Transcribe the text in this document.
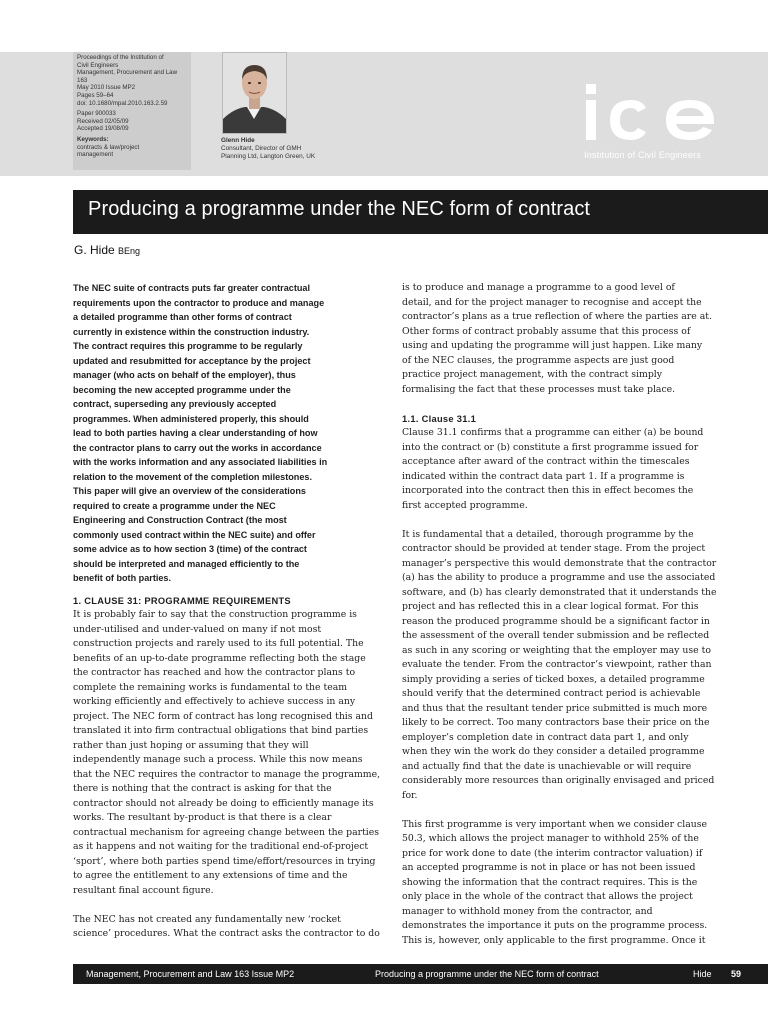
Proceedings of the Institution of
Civil Engineers
Management, Procurement and Law
163
May 2010 Issue MP2
Pages 59–64
doi: 10.1680/mpal.2010.163.2.59
Paper 900033
Received 02/05/09
Accepted 19/08/09
Keywords:
contracts & law/project
management
Glenn Hide
Consultant, Director of GMH
Planning Ltd, Langton Green, UK	Institution of Civil Engineers
Producing a programme under the NEC form of contract
G. Hide BEng

The NEC suite of contracts puts far greater contractual
requirements upon the contractor to produce and manage
a detailed programme than other forms of contract
currently in existence within the construction industry.
The contract requires this programme to be regularly
updated and resubmitted for acceptance by the project
manager (who acts on behalf of the employer), thus
becoming the new accepted programme under the
contract, superseding any previously accepted
programmes. When administered properly, this should
lead to both parties having a clear understanding of how
the contractor plans to carry out the works in accordance
with the works information and any associated liabilities in
relation to the movement of the completion milestones.
This paper will give an overview of the considerations
required to create a programme under the NEC
Engineering and Construction Contract (the most
commonly used contract within the NEC suite) and offer
some advice as to how section 3 (time) of the contract
should be interpreted and managed efficiently to the
benefit of both parties.

1. CLAUSE 31: PROGRAMME REQUIREMENTS
It is probably fair to say that the construction programme is
under-utilised and under-valued on many if not most
construction projects and rarely used to its full potential. The
benefits of an up-to-date programme reflecting both the stage
the contractor has reached and how the contractor plans to
complete the remaining works is fundamental to the team
working efficiently and effectively to achieve success in any
project. The NEC form of contract has long recognised this and
translated it into firm contractual obligations that bind parties
rather than just hoping or assuming that they will
independently manage such a process. While this now means
that the NEC requires the contractor to manage the programme,
there is nothing that the contract is asking for that the
contractor should not already be doing to efficiently manage its
works. The resultant by-product is that there is a clear
contractual mechanism for agreeing change between the parties
as it happens and not waiting for the traditional end-of-project
‘sport’, where both parties spend time/effort/resources in trying
to agree the entitlement to any extensions of time and the
resultant final account figure.

The NEC has not created any fundamentally new ‘rocket
science’ procedures. What the contract asks the contractor to do

is to produce and manage a programme to a good level of
detail, and for the project manager to recognise and accept the
contractor’s plans as a true reflection of where the parties are at.
Other forms of contract probably assume that this process of
using and updating the programme will just happen. Like many
of the NEC clauses, the programme aspects are just good
practice project management, with the contract simply
formalising the fact that these processes must take place.

1.1. Clause 31.1
Clause 31.1 confirms that a programme can either (a) be bound
into the contract or (b) constitute a first programme issued for
acceptance after award of the contract within the timescales
indicated within the contract data part 1. If a programme is
incorporated into the contract then this in effect becomes the
first accepted programme.

It is fundamental that a detailed, thorough programme by the
contractor should be provided at tender stage. From the project
manager’s perspective this would demonstrate that the contractor
(a) has the ability to produce a programme and use the associated
software, and (b) has clearly demonstrated that it understands the
project and has reflected this in a clear logical format. For this
reason the produced programme should be a significant factor in
the assessment of the overall tender submission and be reflected
as such in any scoring or weighting that the employer may use to
evaluate the tender. From the contractor’s viewpoint, rather than
simply providing a series of ticked boxes, a detailed programme
should verify that the determined contract period is achievable
and thus that the resultant tender price submitted is much more
likely to be correct. Too many contractors base their price on the
employer’s completion date in contract data part 1, and only
when they win the work do they consider a detailed programme
and actually find that the date is unachievable or will require
considerably more resources than originally envisaged and priced
for.

This first programme is very important when we consider clause
50.3, which allows the project manager to withhold 25% of the
price for work done to date (the interim contractor valuation) if
an accepted programme is not in place or has not been issued
showing the information that the contract requires. This is the
only place in the whole of the contract that allows the project
manager to withhold money from the contractor, and
demonstrates the importance it puts on the programme process.
This is, however, only applicable to the first programme. Once it

Management, Procurement and Law 163 Issue MP2	Producing a programme under the NEC form of contract	Hide 59
